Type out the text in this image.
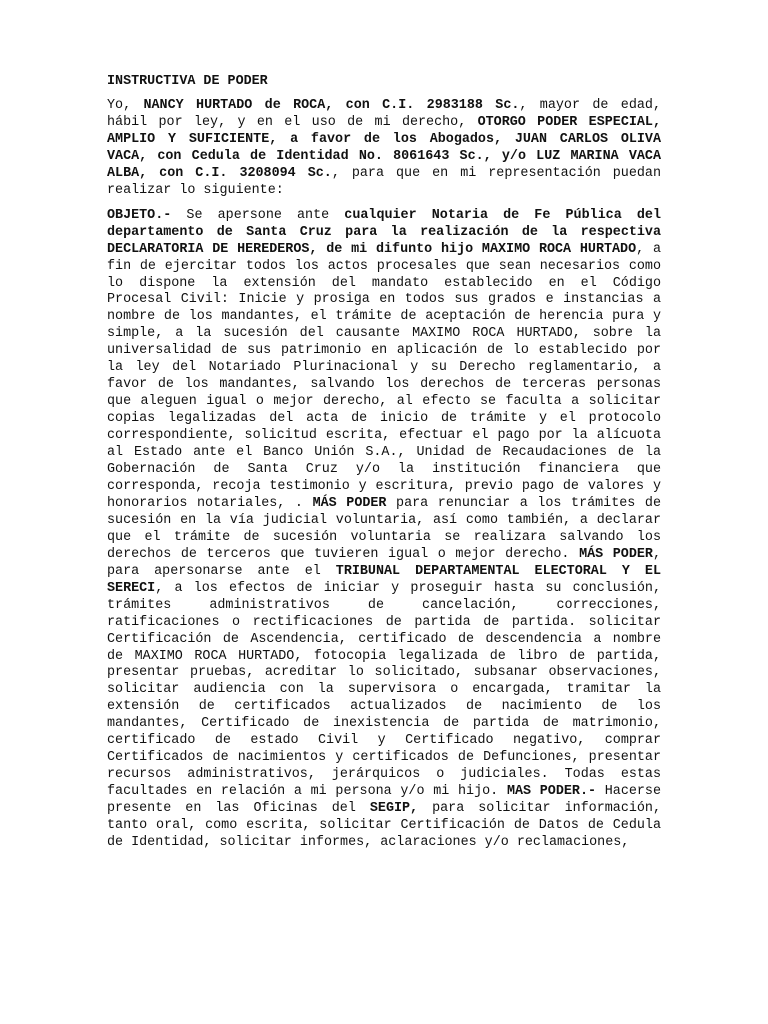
INSTRUCTIVA DE PODER

Yo, NANCY HURTADO de ROCA, con C.I. 2983188 Sc., mayor de edad, hábil por ley, y en el uso de mi derecho, OTORGO PODER ESPECIAL, AMPLIO Y SUFICIENTE, a favor de los Abogados, JUAN CARLOS OLIVA VACA, con Cedula de Identidad No. 8061643 Sc., y/o LUZ MARINA VACA ALBA, con C.I. 3208094 Sc., para que en mi representación puedan realizar lo siguiente:

OBJETO.- Se apersone ante cualquier Notaria de Fe Pública del departamento de Santa Cruz para la realización de la respectiva DECLARATORIA DE HEREDEROS, de mi difunto hijo MAXIMO ROCA HURTADO, a fin de ejercitar todos los actos procesales que sean necesarios como lo dispone la extensión del mandato establecido en el Código Procesal Civil: Inicie y prosiga en todos sus grados e instancias a nombre de los mandantes, el trámite de aceptación de herencia pura y simple, a la sucesión del causante MAXIMO ROCA HURTADO, sobre la universalidad de sus patrimonio en aplicación de lo establecido por la ley del Notariado Plurinacional y su Derecho reglamentario, a favor de los mandantes, salvando los derechos de terceras personas que aleguen igual o mejor derecho, al efecto se faculta a solicitar copias legalizadas del acta de inicio de trámite y el protocolo correspondiente, solicitud escrita, efectuar el pago por la alícuota al Estado ante el Banco Unión S.A., Unidad de Recaudaciones de la Gobernación de Santa Cruz y/o la institución financiera que corresponda, recoja testimonio y escritura, previo pago de valores y honorarios notariales, . MÁS PODER para renunciar a los trámites de sucesión en la vía judicial voluntaria, así como también, a declarar que el trámite de sucesión voluntaria se realizara salvando los derechos de terceros que tuvieren igual o mejor derecho. MÁS PODER, para apersonarse ante el TRIBUNAL DEPARTAMENTAL ELECTORAL Y EL SERECI, a los efectos de iniciar y proseguir hasta su conclusión, trámites administrativos de cancelación, correcciones, ratificaciones o rectificaciones de partida de partida. solicitar Certificación de Ascendencia, certificado de descendencia a nombre de MAXIMO ROCA HURTADO, fotocopia legalizada de libro de partida, presentar pruebas, acreditar lo solicitado, subsanar observaciones, solicitar audiencia con la supervisora o encargada, tramitar la extensión de certificados actualizados de nacimiento de los mandantes, Certificado de inexistencia de partida de matrimonio, certificado de estado Civil y Certificado negativo, comprar Certificados de nacimientos y certificados de Defunciones, presentar recursos administrativos, jerárquicos o judiciales. Todas estas facultades en relación a mi persona y/o mi hijo. MAS PODER.- Hacerse presente en las Oficinas del SEGIP, para solicitar información, tanto oral, como escrita, solicitar Certificación de Datos de Cedula de Identidad, solicitar informes, aclaraciones y/o reclamaciones,
